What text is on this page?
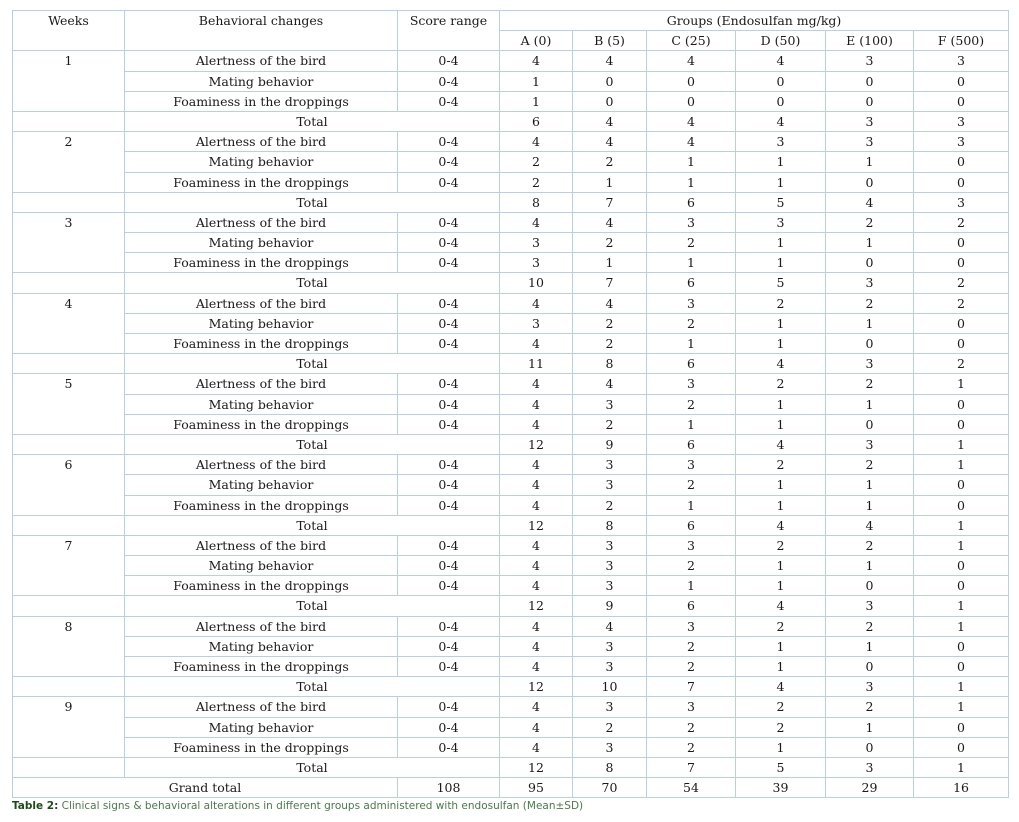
Weeks	Behavioral changes	Score range	Groups (Endosulfan mg/kg)					
			A (0)	B (5)	C (25)	D (50)	E (100)	F (500)
1	Alertness of the bird	0-4	4	4	4	4	3	3
	Mating behavior	0-4	1	0	0	0	0	0
	Foaminess in the droppings	0-4	1	0	0	0	0	0
	Total		6	4	4	4	3	3
2	Alertness of the bird	0-4	4	4	4	3	3	3
	Mating behavior	0-4	2	2	1	1	1	0
	Foaminess in the droppings	0-4	2	1	1	1	0	0
	Total		8	7	6	5	4	3
3	Alertness of the bird	0-4	4	4	3	3	2	2
	Mating behavior	0-4	3	2	2	1	1	0
	Foaminess in the droppings	0-4	3	1	1	1	0	0
	Total		10	7	6	5	3	2
4	Alertness of the bird	0-4	4	4	3	2	2	2
	Mating behavior	0-4	3	2	2	1	1	0
	Foaminess in the droppings	0-4	4	2	1	1	0	0
	Total		11	8	6	4	3	2
5	Alertness of the bird	0-4	4	4	3	2	2	1
	Mating behavior	0-4	4	3	2	1	1	0
	Foaminess in the droppings	0-4	4	2	1	1	0	0
	Total		12	9	6	4	3	1
6	Alertness of the bird	0-4	4	3	3	2	2	1
	Mating behavior	0-4	4	3	2	1	1	0
	Foaminess in the droppings	0-4	4	2	1	1	1	0
	Total		12	8	6	4	4	1
7	Alertness of the bird	0-4	4	3	3	2	2	1
	Mating behavior	0-4	4	3	2	1	1	0
	Foaminess in the droppings	0-4	4	3	1	1	0	0
	Total		12	9	6	4	3	1
8	Alertness of the bird	0-4	4	4	3	2	2	1
	Mating behavior	0-4	4	3	2	1	1	0
	Foaminess in the droppings	0-4	4	3	2	1	0	0
	Total		12	10	7	4	3	1
9	Alertness of the bird	0-4	4	3	3	2	2	1
	Mating behavior	0-4	4	2	2	2	1	0
	Foaminess in the droppings	0-4	4	3	2	1	0	0
	Total		12	8	7	5	3	1
Grand total		108	95	70	54	39	29	16
Table 2: Clinical signs & behavioral alterations in different groups administered with endosulfan (Mean±SD)
